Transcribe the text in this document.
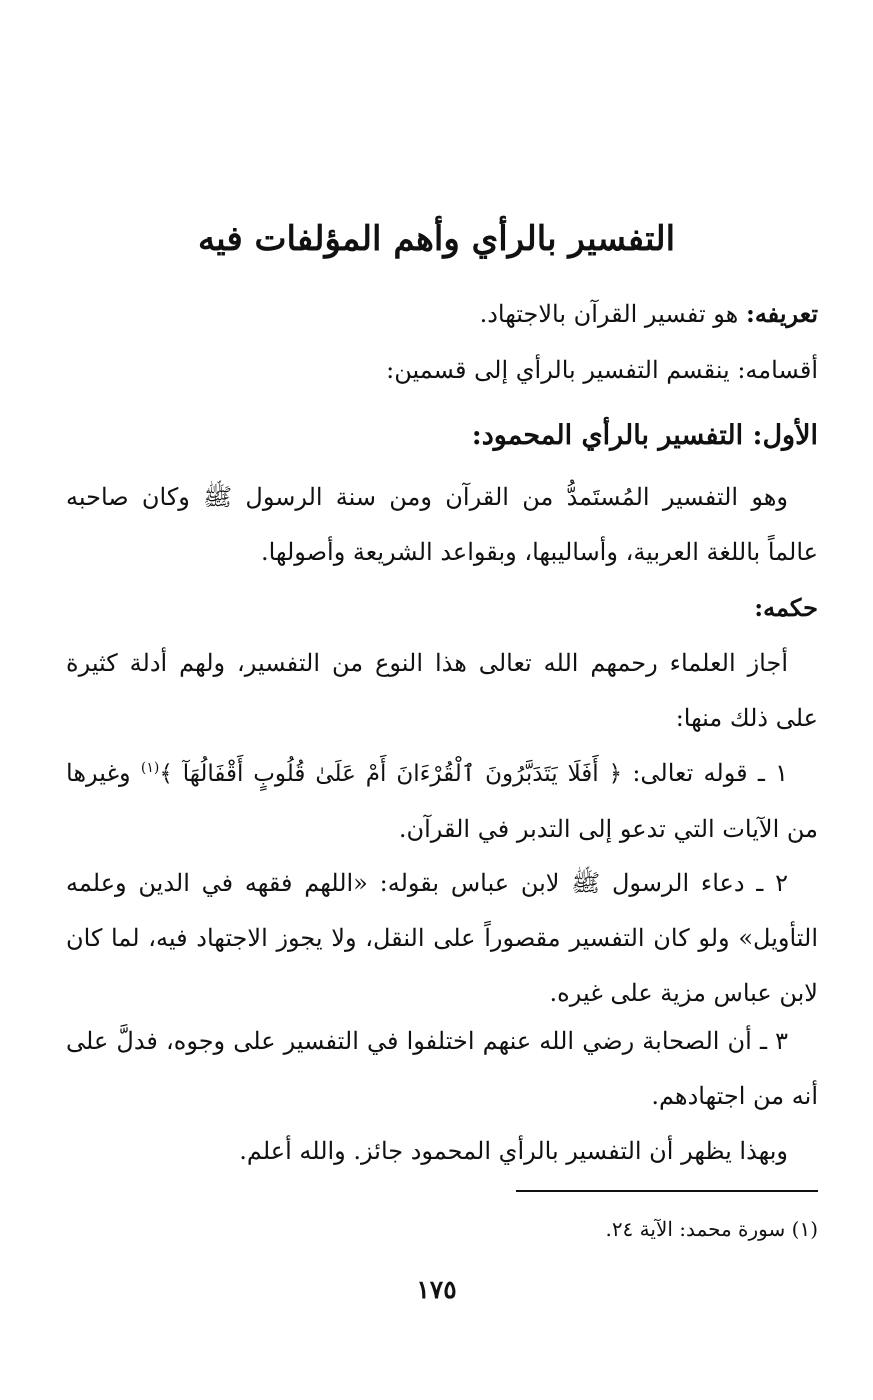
التفسير بالرأي وأهم المؤلفات فيه
تعريفه: هو تفسير القرآن بالاجتهاد.
أقسامه: ينقسم التفسير بالرأي إلى قسمين:
الأول: التفسير بالرأي المحمود:
وهو التفسير المُستَمدُّ من القرآن ومن سنة الرسول ﷺ وكان صاحبه عالماً باللغة العربية، وأساليبها، وبقواعد الشريعة وأصولها.
حكمه:
أجاز العلماء رحمهم الله تعالى هذا النوع من التفسير، ولهم أدلة كثيرة على ذلك منها:
١ ـ قوله تعالى: ﴿ أَفَلَا يَتَدَبَّرُونَ ٱلْقُرْءَانَ أَمْ عَلَىٰ قُلُوبٍ أَقْفَالُهَآ ﴾$^{(١)}$ وغيرها من الآيات التي تدعو إلى التدبر في القرآن.
٢ ـ دعاء الرسول ﷺ لابن عباس بقوله: «اللهم فقهه في الدين وعلمه التأويل» ولو كان التفسير مقصوراً على النقل، ولا يجوز الاجتهاد فيه، لما كان لابن عباس مزية على غيره.
٣ ـ أن الصحابة رضي الله عنهم اختلفوا في التفسير على وجوه، فدلَّ على أنه من اجتهادهم.
وبهذا يظهر أن التفسير بالرأي المحمود جائز. والله أعلم.
(١) سورة محمد: الآية ٢٤.
١٧٥
